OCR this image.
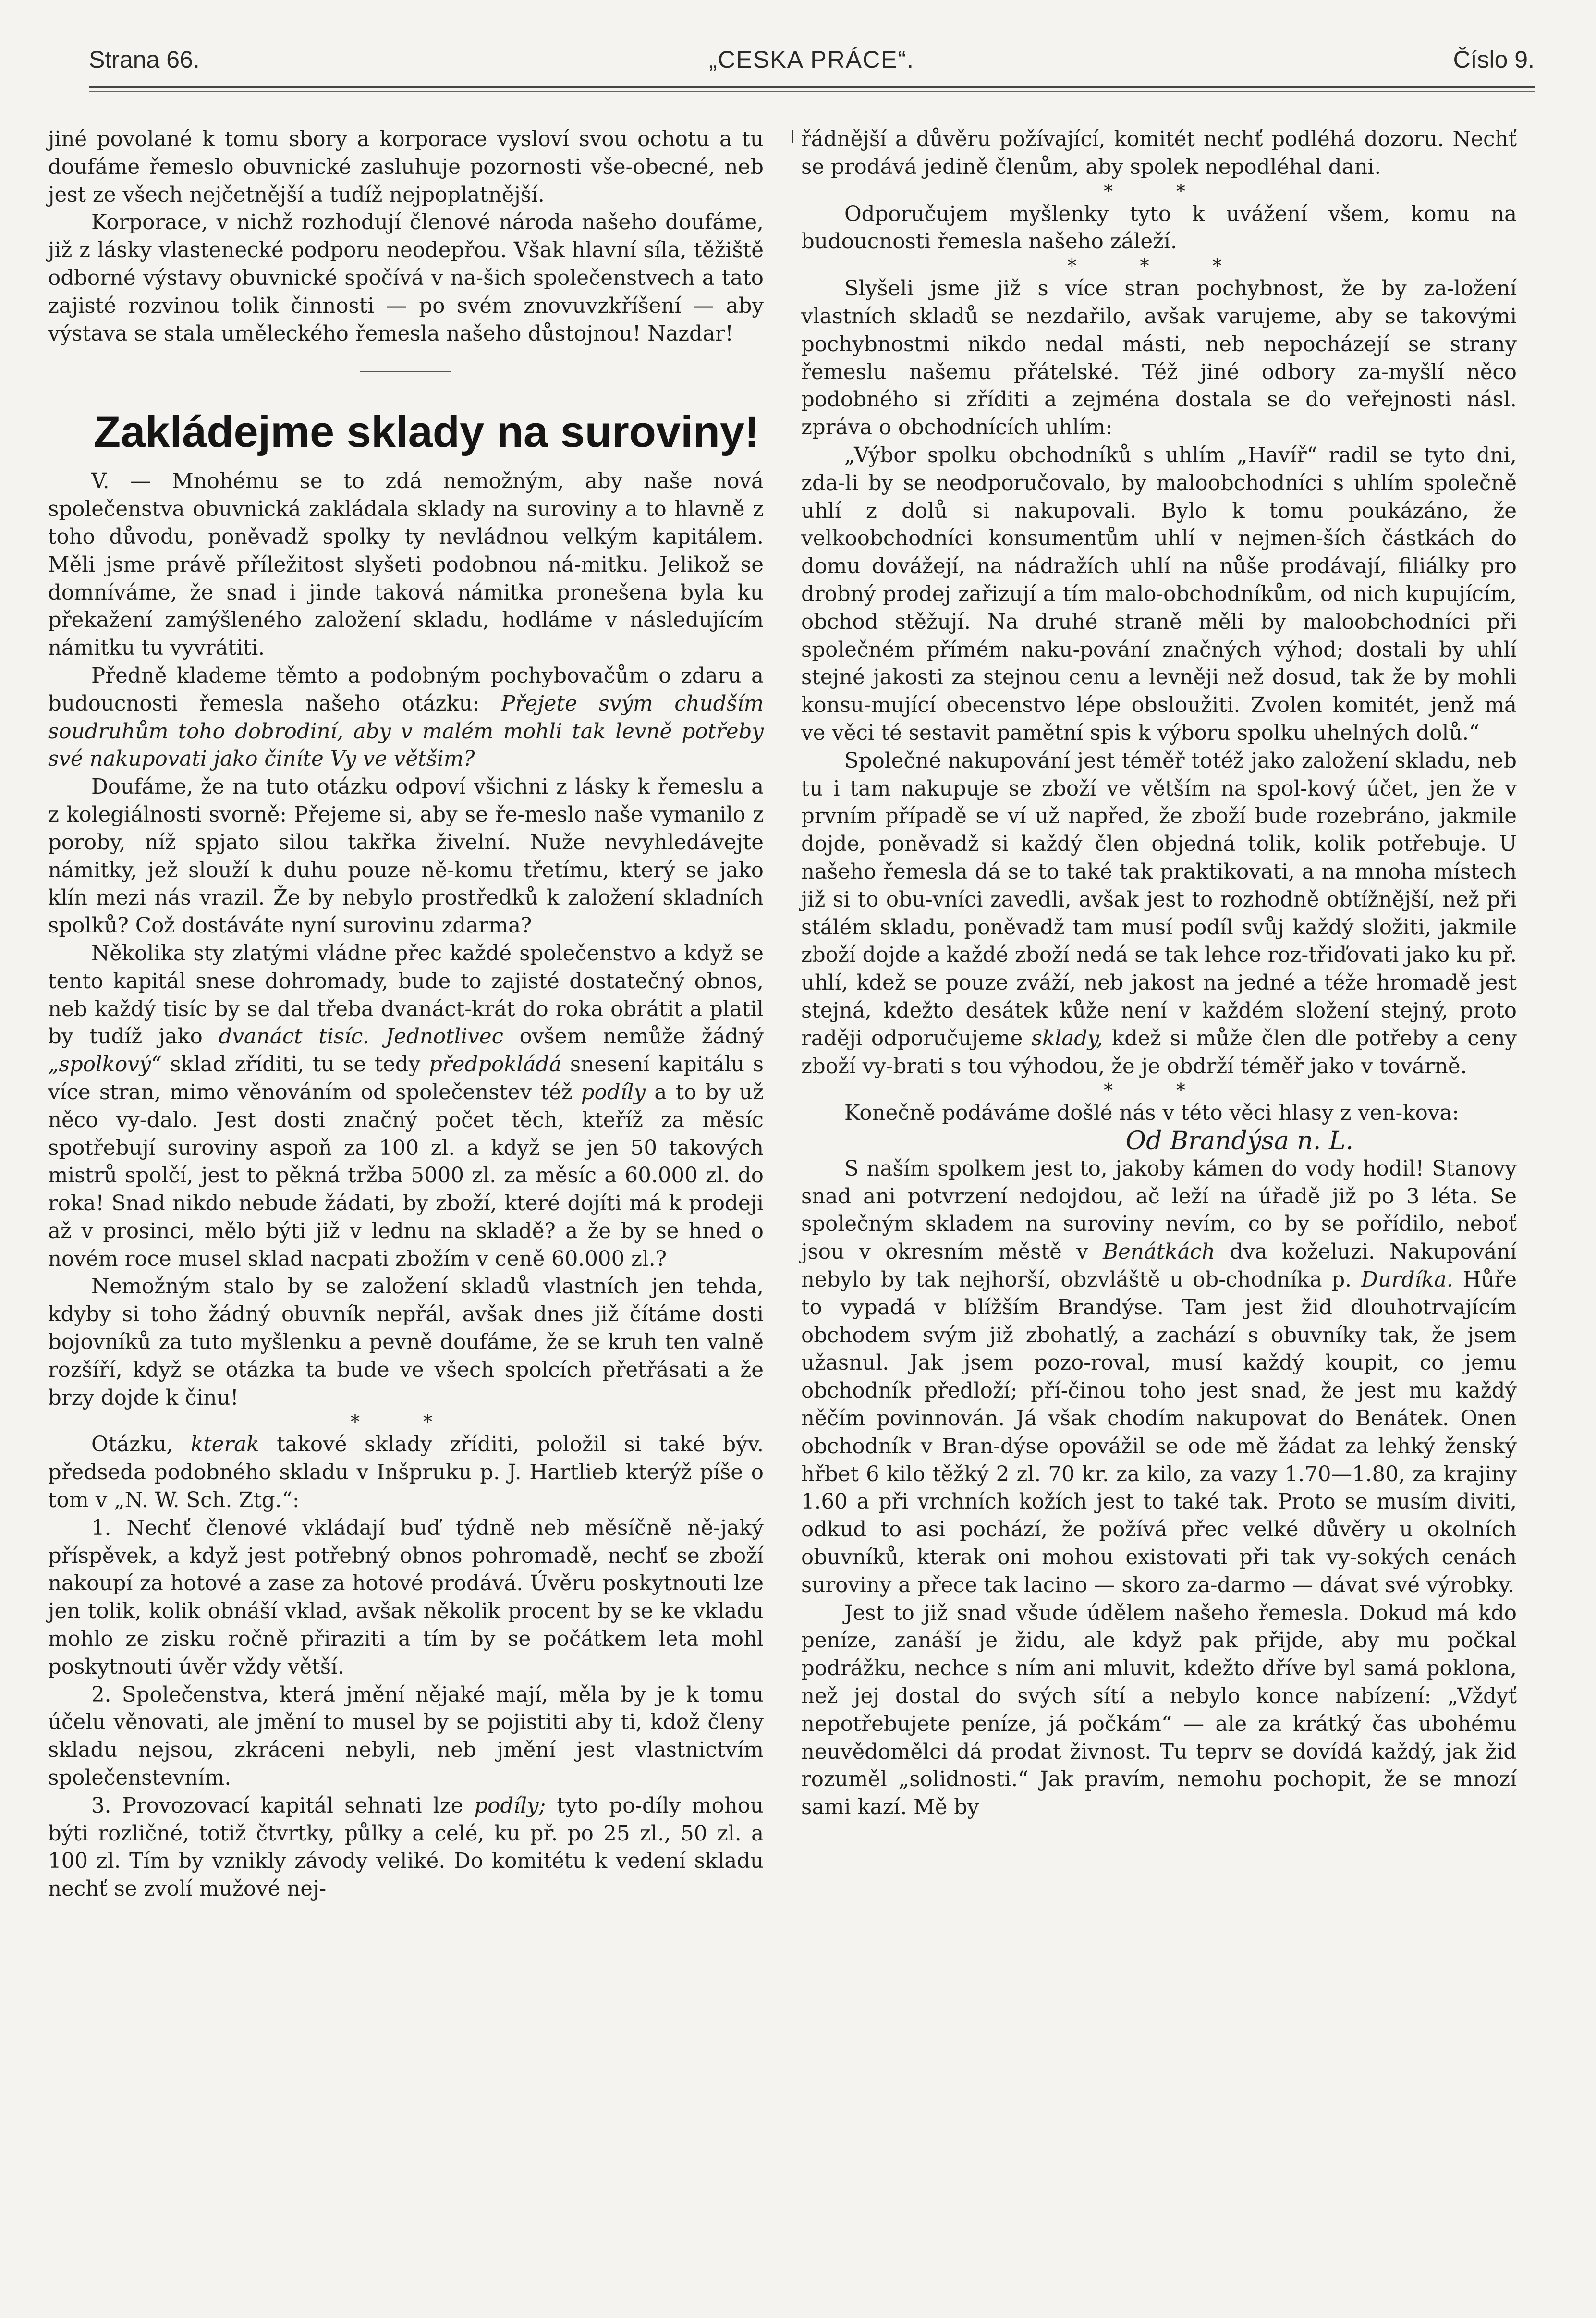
Strana 66.	„CESKA PRÁCE“.	Číslo 9.

jiné povolané k tomu sbory a korporace vysloví svou ochotu a tu doufáme řemeslo obuvnické zasluhuje pozornosti vše-obecné, neb jest ze všech nejčetnější a tudíž nejpoplatnější.

Korporace, v nichž rozhodují členové národa našeho doufáme, již z lásky vlastenecké podporu neodepřou. Však hlavní síla, těžiště odborné výstavy obuvnické spočívá v na-šich společenstvech a tato zajisté rozvinou tolik činnosti — po svém znovuvzkříšení — aby výstava se stala uměleckého řemesla našeho důstojnou! Nazdar!

Zakládejme sklady na suroviny!

V. — Mnohému se to zdá nemožným, aby naše nová společenstva obuvnická zakládala sklady na suroviny a to hlavně z toho důvodu, poněvadž spolky ty nevládnou velkým kapitálem. Měli jsme právě příležitost slyšeti podobnou ná-mitku. Jelikož se domníváme, že snad i jinde taková námitka pronešena byla ku překažení zamýšleného založení skladu, hodláme v následujícím námitku tu vyvrátiti.

Předně klademe těmto a podobným pochybovačům o zdaru a budoucnosti řemesla našeho otázku: Přejete svým chudším soudruhům toho dobrodiní, aby v malém mohli tak levně potřeby své nakupovati jako činíte Vy ve většim?

Doufáme, že na tuto otázku odpoví všichni z lásky k řemeslu a z kolegiálnosti svorně: Přejeme si, aby se ře-meslo naše vymanilo z poroby, níž spjato silou takřka živelní. Nuže nevyhledávejte námitky, jež slouží k duhu pouze ně-komu třetímu, který se jako klín mezi nás vrazil. Že by nebylo prostředků k založení skladních spolků? Což dostáváte nyní surovinu zdarma?

Několika sty zlatými vládne přec každé společenstvo a když se tento kapitál snese dohromady, bude to zajisté dostatečný obnos, neb každý tisíc by se dal třeba dvanáct-krát do roka obrátit a platil by tudíž jako dvanáct tisíc. Jednotlivec ovšem nemůže žádný „spolkový“ sklad zříditi, tu se tedy předpokládá snesení kapitálu s více stran, mimo věnováním od společenstev též podíly a to by už něco vy-dalo. Jest dosti značný počet těch, kteříž za měsíc spotřebují suroviny aspoň za 100 zl. a když se jen 50 takových mistrů spolčí, jest to pěkná tržba 5000 zl. za měsíc a 60.000 zl. do roka! Snad nikdo nebude žádati, by zboží, které dojíti má k prodeji až v prosinci, mělo býti již v lednu na skladě? a že by se hned o novém roce musel sklad nacpati zbožím v ceně 60.000 zl.?

Nemožným stalo by se založení skladů vlastních jen tehda, kdyby si toho žádný obuvník nepřál, avšak dnes již čítáme dosti bojovníků za tuto myšlenku a pevně doufáme, že se kruh ten valně rozšíří, když se otázka ta bude ve všech spolcích přetřásati a že brzy dojde k činu!

* *

Otázku, kterak takové sklady zříditi, položil si také býv. předseda podobného skladu v Inšpruku p. J. Hartlieb kterýž píše o tom v „N. W. Sch. Ztg.“:

1. Nechť členové vkládají buď týdně neb měsíčně ně-jaký příspěvek, a když jest potřebný obnos pohromadě, nechť se zboží nakoupí za hotové a zase za hotové prodává. Úvěru poskytnouti lze jen tolik, kolik obnáší vklad, avšak několik procent by se ke vkladu mohlo ze zisku ročně přiraziti a tím by se počátkem leta mohl poskytnouti úvěr vždy větší.

2. Společenstva, která jmění nějaké mají, měla by je k tomu účelu věnovati, ale jmění to musel by se pojistiti aby ti, kdož členy skladu nejsou, zkráceni nebyli, neb jmění jest vlastnictvím společenstevním.

3. Provozovací kapitál sehnati lze podíly; tyto po-díly mohou býti rozličné, totiž čtvrtky, půlky a celé, ku př. po 25 zl., 50 zl. a 100 zl. Tím by vznikly závody veliké. Do komitétu k vedení skladu nechť se zvolí mužové nej-

řádnější a důvěru požívající, komitét nechť podléhá dozoru. Nechť se prodává jedině členům, aby spolek nepodléhal dani.

* *

Odporučujem myšlenky tyto k uvážení všem, komu na budoucnosti řemesla našeho záleží.

* * *

Slyšeli jsme již s více stran pochybnost, že by za-ložení vlastních skladů se nezdařilo, avšak varujeme, aby se takovými pochybnostmi nikdo nedal másti, neb nepocházejí se strany řemeslu našemu přátelské. Též jiné odbory za-myšlí něco podobného si zříditi a zejména dostala se do veřejnosti násl. zpráva o obchodnících uhlím:

„Výbor spolku obchodníků s uhlím „Havíř“ radil se tyto dni, zda-li by se neodporučovalo, by maloobchodníci s uhlím společně uhlí z dolů si nakupovali. Bylo k tomu poukázáno, že velkoobchodníci konsumentům uhlí v nejmen-ších částkách do domu dovážejí, na nádražích uhlí na nůše prodávají, filiálky pro drobný prodej zařizují a tím malo-obchodníkům, od nich kupujícím, obchod stěžují. Na druhé straně měli by maloobchodníci při společném přímém naku-pování značných výhod; dostali by uhlí stejné jakosti za stejnou cenu a levněji než dosud, tak že by mohli konsu-mující obecenstvo lépe obsloužiti. Zvolen komitét, jenž má ve věci té sestavit pamětní spis k výboru spolku uhelných dolů.“

Společné nakupování jest téměř totéž jako založení skladu, neb tu i tam nakupuje se zboží ve větším na spol-kový účet, jen že v prvním případě se ví už napřed, že zboží bude rozebráno, jakmile dojde, poněvadž si každý člen objedná tolik, kolik potřebuje. U našeho řemesla dá se to také tak praktikovati, a na mnoha místech již si to obu-vníci zavedli, avšak jest to rozhodně obtížnější, než při stálém skladu, poněvadž tam musí podíl svůj každý složiti, jakmile zboží dojde a každé zboží nedá se tak lehce roz-třiďovati jako ku př. uhlí, kdež se pouze zváží, neb jakost na jedné a téže hromadě jest stejná, kdežto desátek kůže není v každém složení stejný, proto raději odporučujeme sklady, kdež si může člen dle potřeby a ceny zboží vy-brati s tou výhodou, že je obdrží téměř jako v továrně.

* *

Konečně podáváme došlé nás v této věci hlasy z ven-kova:

Od Brandýsa n. L.

S naším spolkem jest to, jakoby kámen do vody hodil! Stanovy snad ani potvrzení nedojdou, ač leží na úřadě již po 3 léta. Se společným skladem na suroviny nevím, co by se pořídilo, neboť jsou v okresním městě v Benátkách dva koželuzi. Nakupování nebylo by tak nejhorší, obzvláště u ob-chodníka p. Durdíka. Hůře to vypadá v blížším Brandýse. Tam jest žid dlouhotrvajícím obchodem svým již zbohatlý, a zachází s obuvníky tak, že jsem užasnul. Jak jsem pozo-roval, musí každý koupit, co jemu obchodník předloží; pří-činou toho jest snad, že jest mu každý něčím povinnován. Já však chodím nakupovat do Benátek. Onen obchodník v Bran-dýse opovážil se ode mě žádat za lehký ženský hřbet 6 kilo těžký 2 zl. 70 kr. za kilo, za vazy 1.70—1.80, za krajiny 1.60 a při vrchních kožích jest to také tak. Proto se musím diviti, odkud to asi pochází, že požívá přec velké důvěry u okolních obuvníků, kterak oni mohou existovati při tak vy-sokých cenách suroviny a přece tak lacino — skoro za-darmo — dávat své výrobky.

Jest to již snad všude údělem našeho řemesla. Dokud má kdo peníze, zanáší je židu, ale když pak přijde, aby mu počkal podrážku, nechce s ním ani mluvit, kdežto dříve byl samá poklona, než jej dostal do svých sítí a nebylo konce nabízení: „Vždyť nepotřebujete peníze, já počkám“ — ale za krátký čas ubohému neuvědomělci dá prodat živnost. Tu teprv se dovídá každý, jak žid rozuměl „solidnosti.“ Jak pravím, nemohu pochopit, že se mnozí sami kazí. Mě by
